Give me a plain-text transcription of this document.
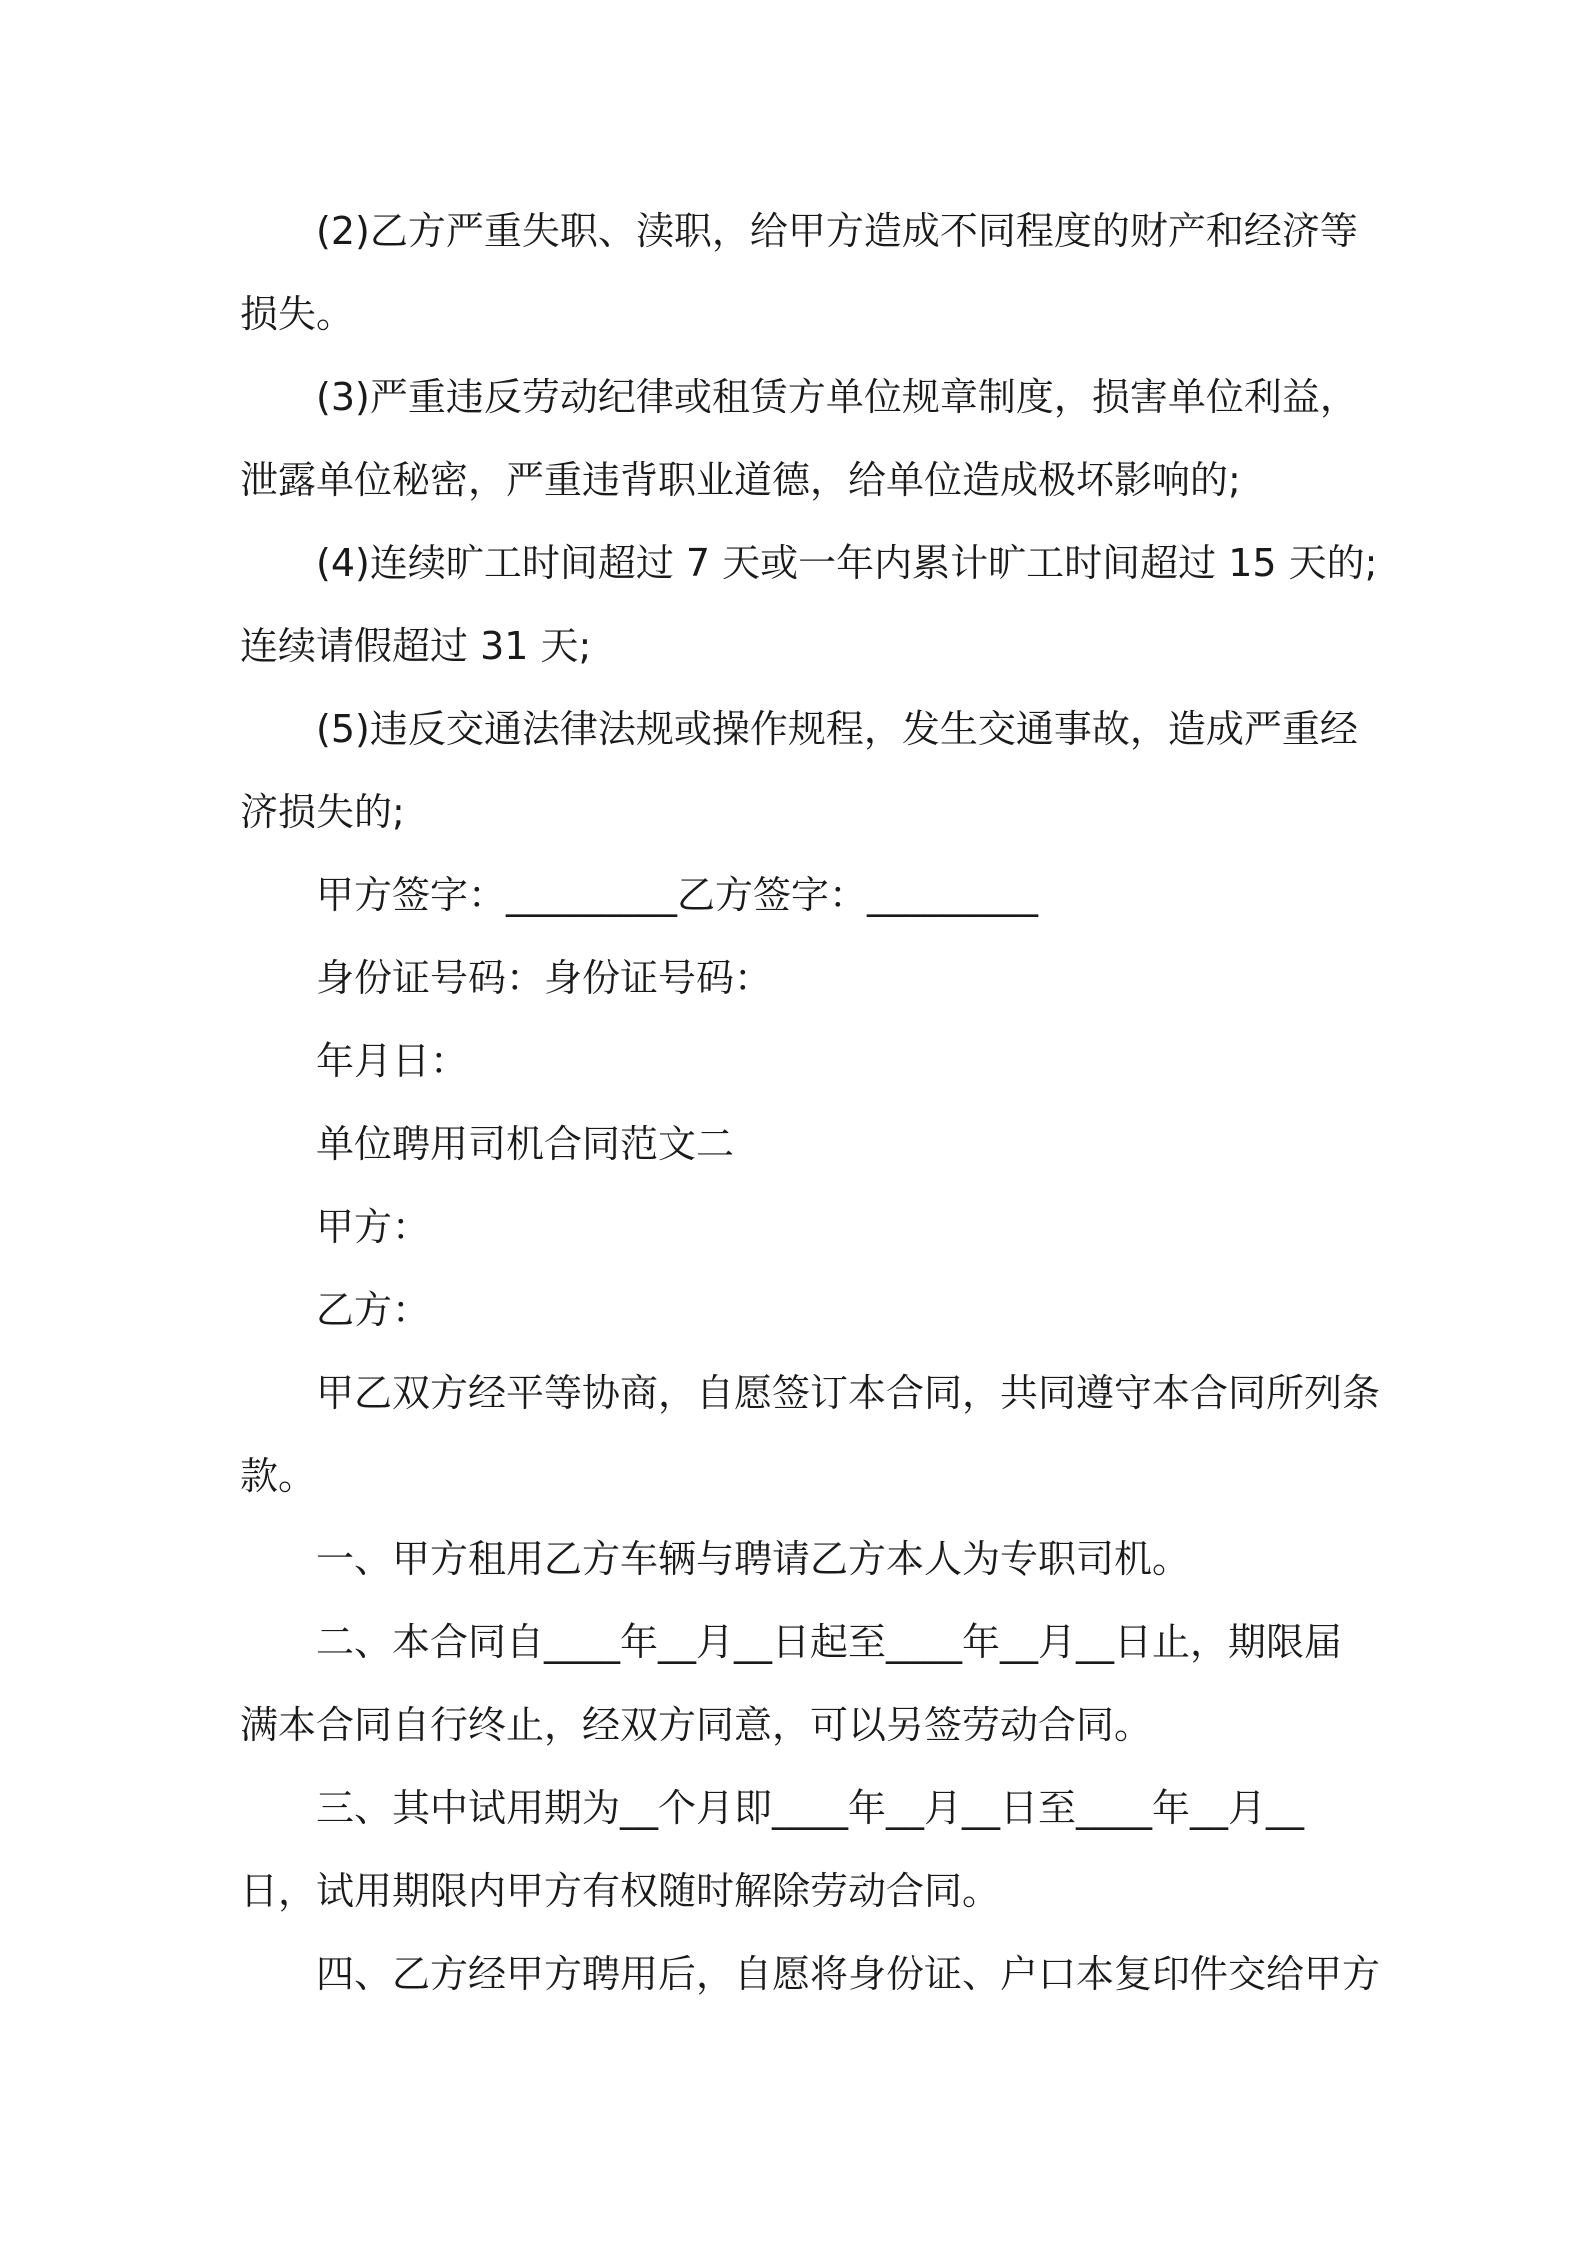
(2)乙方严重失职、渎职，给甲方造成不同程度的财产和经济等
损失。
(3)严重违反劳动纪律或租赁方单位规章制度，损害单位利益，
泄露单位秘密，严重违背职业道德，给单位造成极坏影响的;
(4)连续旷工时间超过 7 天或一年内累计旷工时间超过 15 天的;
连续请假超过 31 天;
(5)违反交通法律法规或操作规程，发生交通事故，造成严重经
济损失的;
甲方签字：_________乙方签字：_________
身份证号码：身份证号码：
年月日：
单位聘用司机合同范文二
甲方：
乙方：
甲乙双方经平等协商，自愿签订本合同，共同遵守本合同所列条
款。
一、甲方租用乙方车辆与聘请乙方本人为专职司机。
二、本合同自____年__月__日起至____年__月__日止，期限届
满本合同自行终止，经双方同意，可以另签劳动合同。
三、其中试用期为__个月即____年__月__日至____年__月__
日，试用期限内甲方有权随时解除劳动合同。
四、乙方经甲方聘用后，自愿将身份证、户口本复印件交给甲方
